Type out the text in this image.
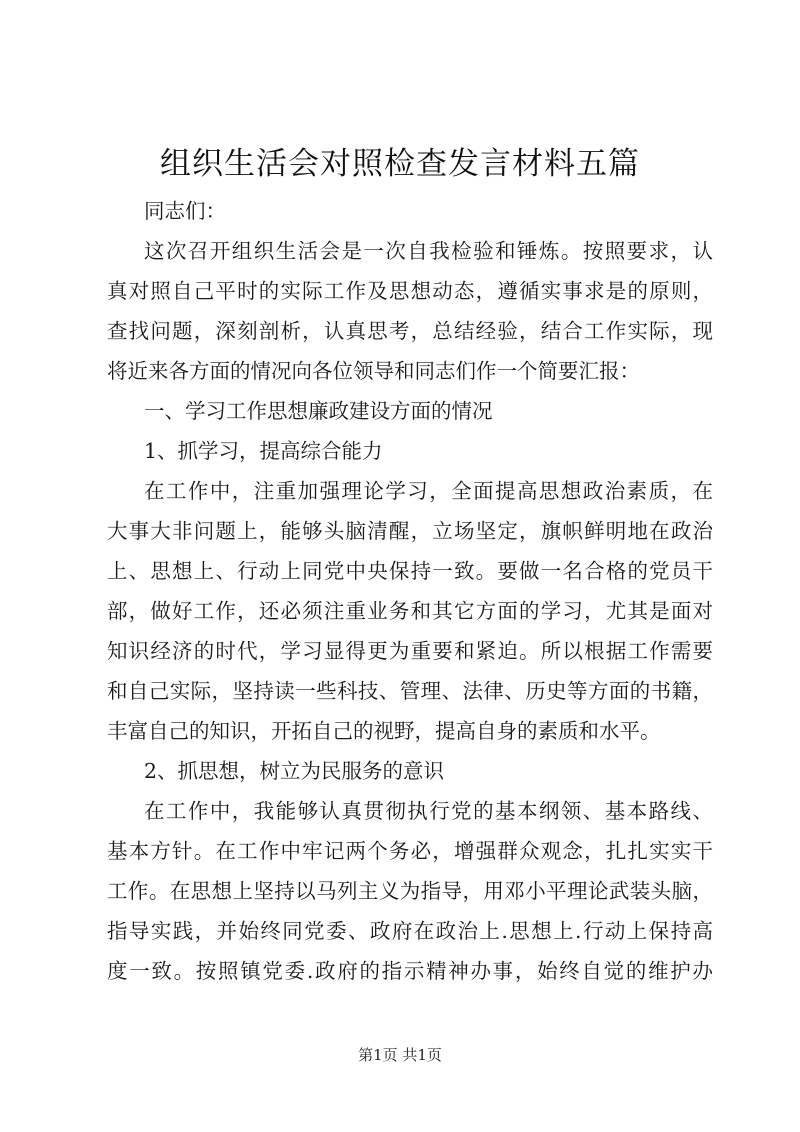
组织生活会对照检查发言材料五篇
同志们：
这次召开组织生活会是一次自我检验和锤炼。按照要求，认
真对照自己平时的实际工作及思想动态，遵循实事求是的原则，
查找问题，深刻剖析，认真思考，总结经验，结合工作实际，现
将近来各方面的情况向各位领导和同志们作一个简要汇报：
一、学习工作思想廉政建设方面的情况
1、抓学习，提高综合能力
在工作中，注重加强理论学习，全面提高思想政治素质，在
大事大非问题上，能够头脑清醒，立场坚定，旗帜鲜明地在政治
上、思想上、行动上同党中央保持一致。要做一名合格的党员干
部，做好工作，还必须注重业务和其它方面的学习，尤其是面对
知识经济的时代，学习显得更为重要和紧迫。所以根据工作需要
和自己实际，坚持读一些科技、管理、法律、历史等方面的书籍，
丰富自己的知识，开拓自己的视野，提高自身的素质和水平。
2、抓思想，树立为民服务的意识
在工作中，我能够认真贯彻执行党的基本纲领、基本路线、
基本方针。在工作中牢记两个务必，增强群众观念，扎扎实实干
工作。在思想上坚持以马列主义为指导，用邓小平理论武装头脑，
指导实践，并始终同党委、政府在政治上.思想上.行动上保持高
度一致。按照镇党委.政府的指示精神办事，始终自觉的维护办
第1页 共1页
